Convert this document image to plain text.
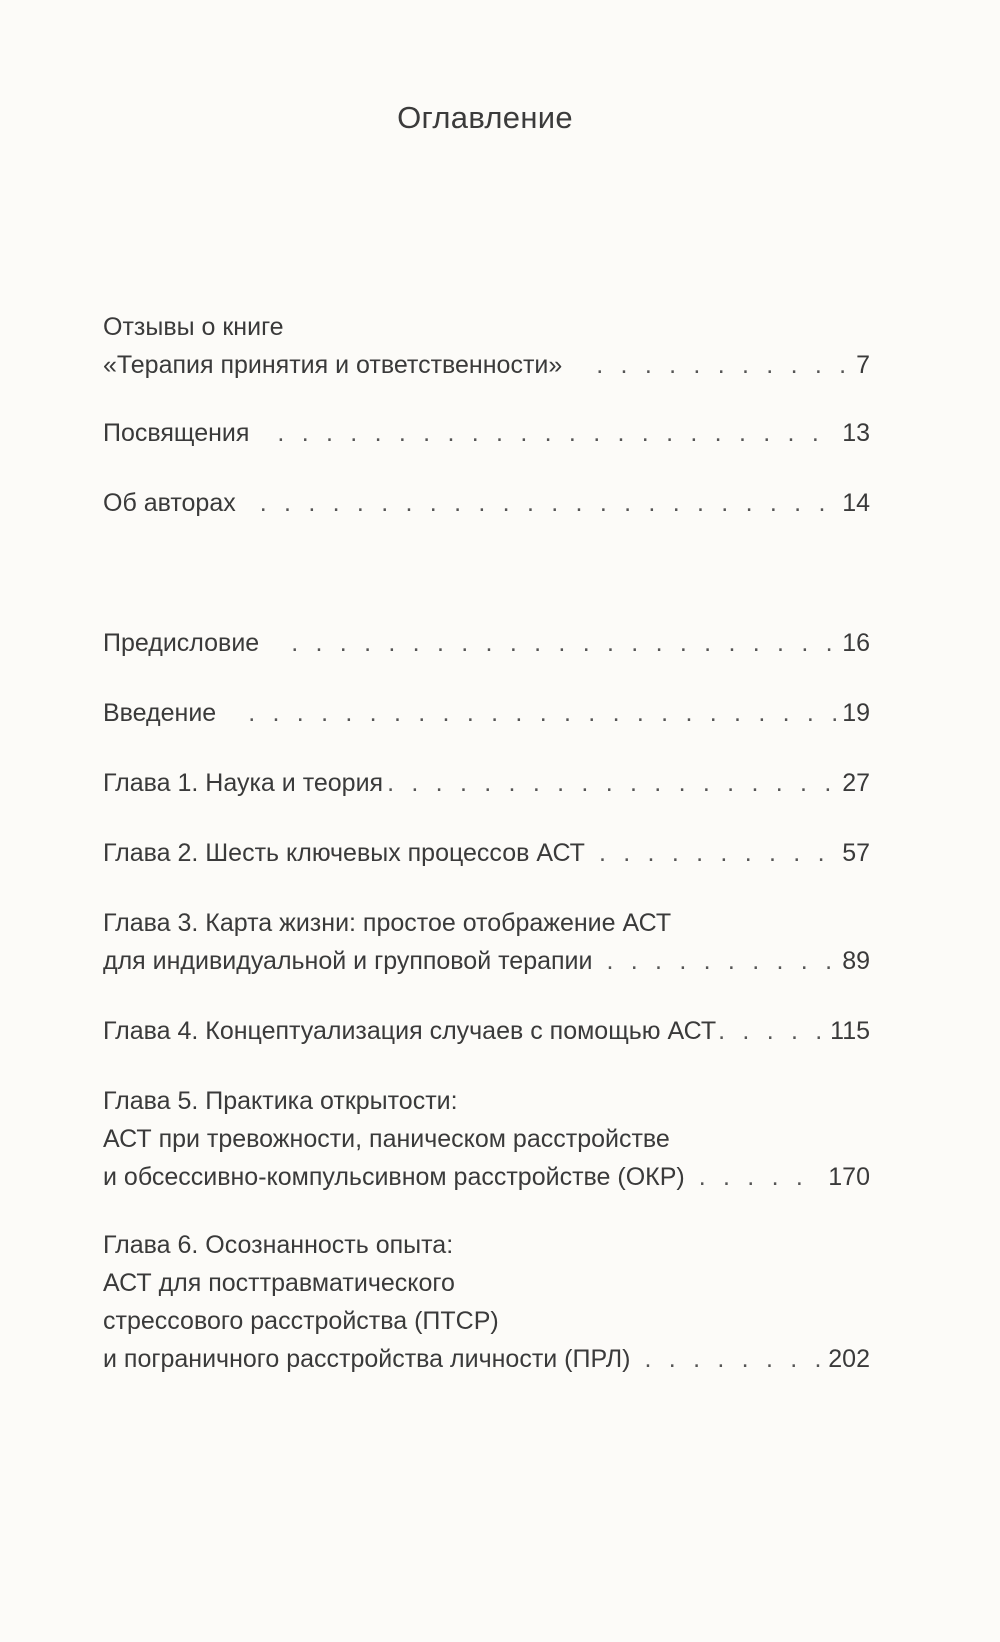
Оглавление
Отзывы о книге
«Терапия принятия и ответственности» . . .	7
Посвящения . . .	13
Об авторах . . .	14
Предисловие . . .	16
Введение . . .	19
Глава 1. Наука и теория . . .	27
Глава 2. Шесть ключевых процессов АСТ . . .	57
Глава 3. Карта жизни: простое отображение АСТ
для индивидуальной и групповой терапии . . .	89
Глава 4. Концептуализация случаев с помощью АСТ . . .	115
Глава 5. Практика открытости:
АСТ при тревожности, паническом расстройстве
и обсессивно-компульсивном расстройстве (ОКР) . . .	170
Глава 6. Осознанность опыта:
АСТ для посттравматического
стрессового расстройства (ПТСР)
и пограничного расстройства личности (ПРЛ) . . .	202
